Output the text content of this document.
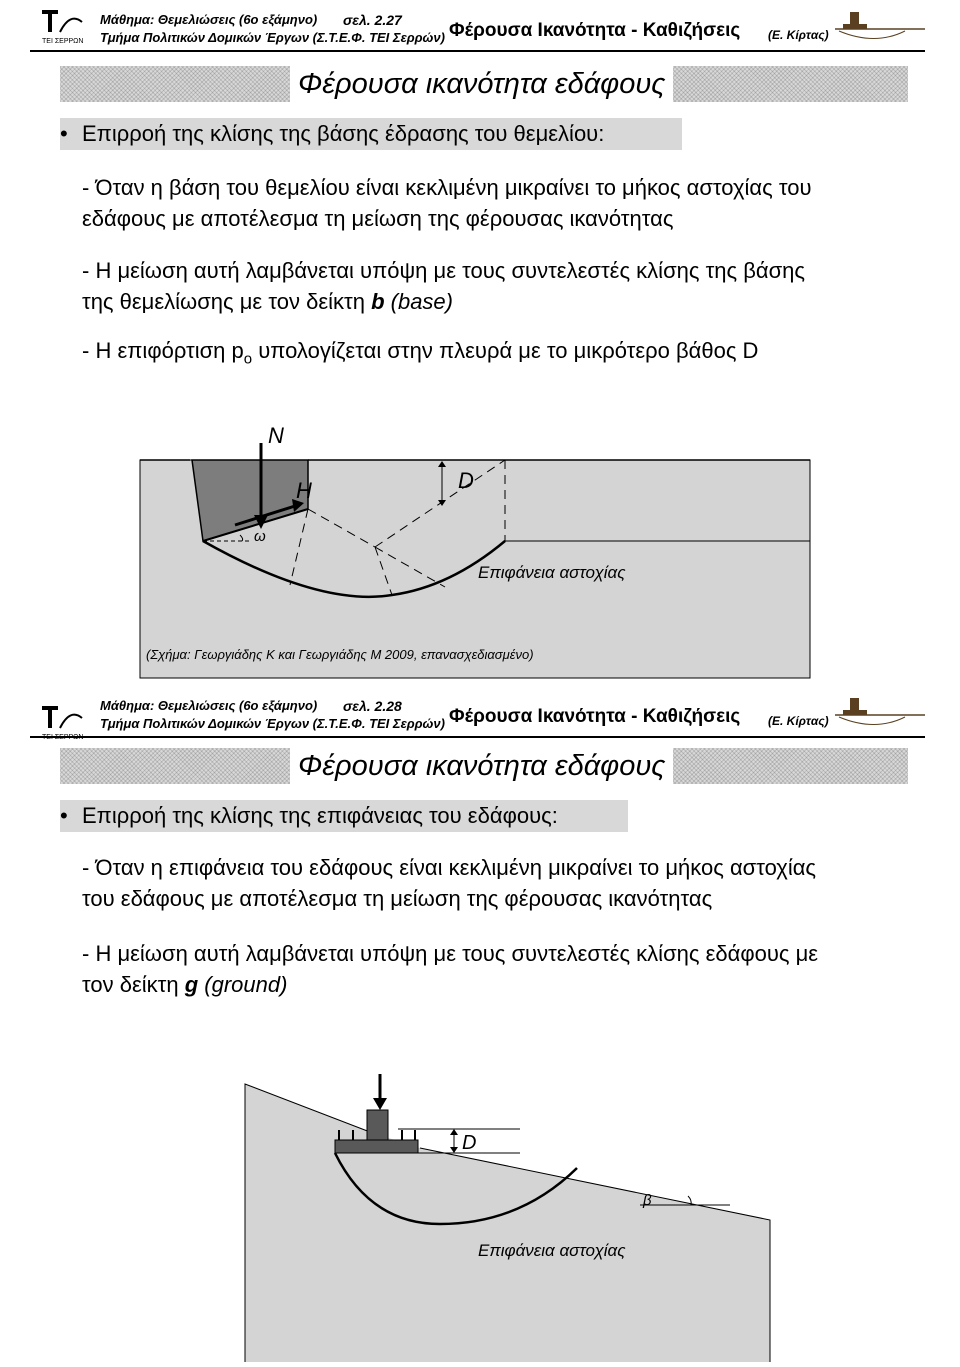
ΤΕΙ ΣΕΡΡΩΝ
Μάθημα: Θεμελιώσεις (6ο εξάμηνο) σελ. 2.27
Τμήμα Πολιτικών Δομικών Έργων (Σ.Τ.Ε.Φ. ΤΕΙ Σερρών) Φέρουσα Ικανότητα - Καθιζήσεις (Ε. Κίρτας)
Φέρουσα ικανότητα εδάφους
• Επιρροή της κλίσης της βάσης έδρασης του θεμελίου:
- Όταν η βάση του θεμελίου είναι κεκλιμένη μικραίνει το μήκος αστοχίας του
εδάφους με αποτέλεσμα τη μείωση της φέρουσας ικανότητας
- Η μείωση αυτή λαμβάνεται υπόψη με τους συντελεστές κλίσης της βάσης
της θεμελίωσης με τον δείκτη b (base)
- Η επιφόρτιση $p_o$ υπολογίζεται στην πλευρά με το μικρότερο βάθος D
N
H	D
ω
Επιφάνεια αστοχίας
(Σχήμα: Γεωργιάδης Κ και Γεωργιάδης Μ 2009, επανασχεδιασμένο)
Μάθημα: Θεμελιώσεις (6ο εξάμηνο) σελ. 2.28
Τμήμα Πολιτικών Δομικών Έργων (Σ.Τ.Ε.Φ. ΤΕΙ Σερρών) Φέρουσα Ικανότητα - Καθιζήσεις (Ε. Κίρτας)
Φέρουσα ικανότητα εδάφους
• Επιρροή της κλίσης της επιφάνειας του εδάφους:
- Όταν η επιφάνεια του εδάφους είναι κεκλιμένη μικραίνει το μήκος αστοχίας
του εδάφους με αποτέλεσμα τη μείωση της φέρουσας ικανότητας
- Η μείωση αυτή λαμβάνεται υπόψη με τους συντελεστές κλίσης εδάφους με
τον δείκτη g (ground)
D
β
Επιφάνεια αστοχίας
